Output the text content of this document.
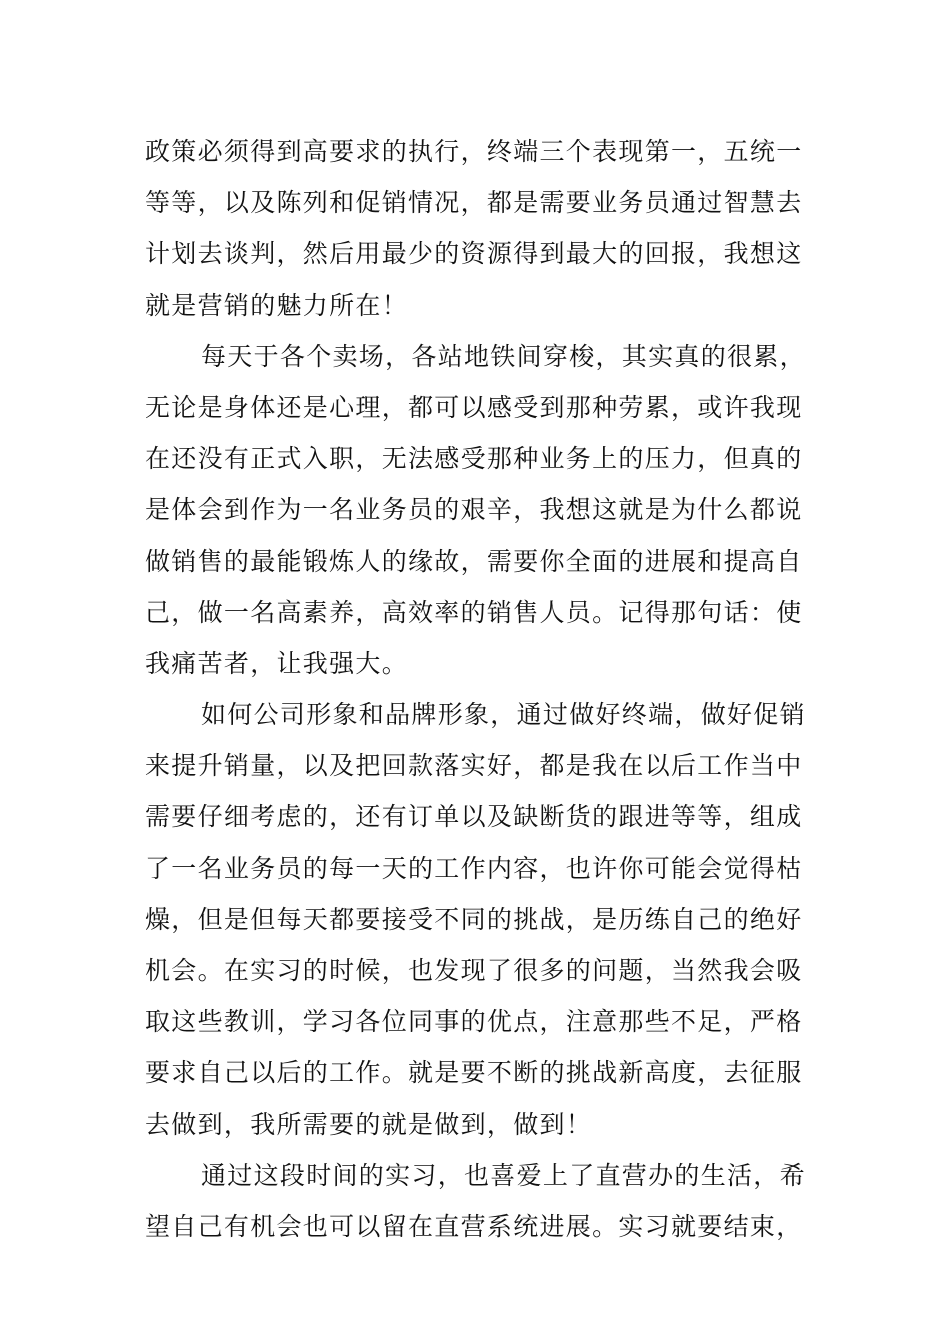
政策必须得到高要求的执行，终端三个表现第一，五统一
等等，以及陈列和促销情况，都是需要业务员通过智慧去
计划去谈判，然后用最少的资源得到最大的回报，我想这
就是营销的魅力所在！
每天于各个卖场，各站地铁间穿梭，其实真的很累，
无论是身体还是心理，都可以感受到那种劳累，或许我现
在还没有正式入职，无法感受那种业务上的压力，但真的
是体会到作为一名业务员的艰辛，我想这就是为什么都说
做销售的最能锻炼人的缘故，需要你全面的进展和提高自
己，做一名高素养，高效率的销售人员。记得那句话：使
我痛苦者，让我强大。
如何公司形象和品牌形象，通过做好终端，做好促销
来提升销量，以及把回款落实好，都是我在以后工作当中
需要仔细考虑的，还有订单以及缺断货的跟进等等，组成
了一名业务员的每一天的工作内容，也许你可能会觉得枯
燥，但是但每天都要接受不同的挑战，是历练自己的绝好
机会。在实习的时候，也发现了很多的问题，当然我会吸
取这些教训，学习各位同事的优点，注意那些不足，严格
要求自己以后的工作。就是要不断的挑战新高度，去征服
去做到，我所需要的就是做到，做到！
通过这段时间的实习，也喜爱上了直营办的生活，希
望自己有机会也可以留在直营系统进展。实习就要结束，
